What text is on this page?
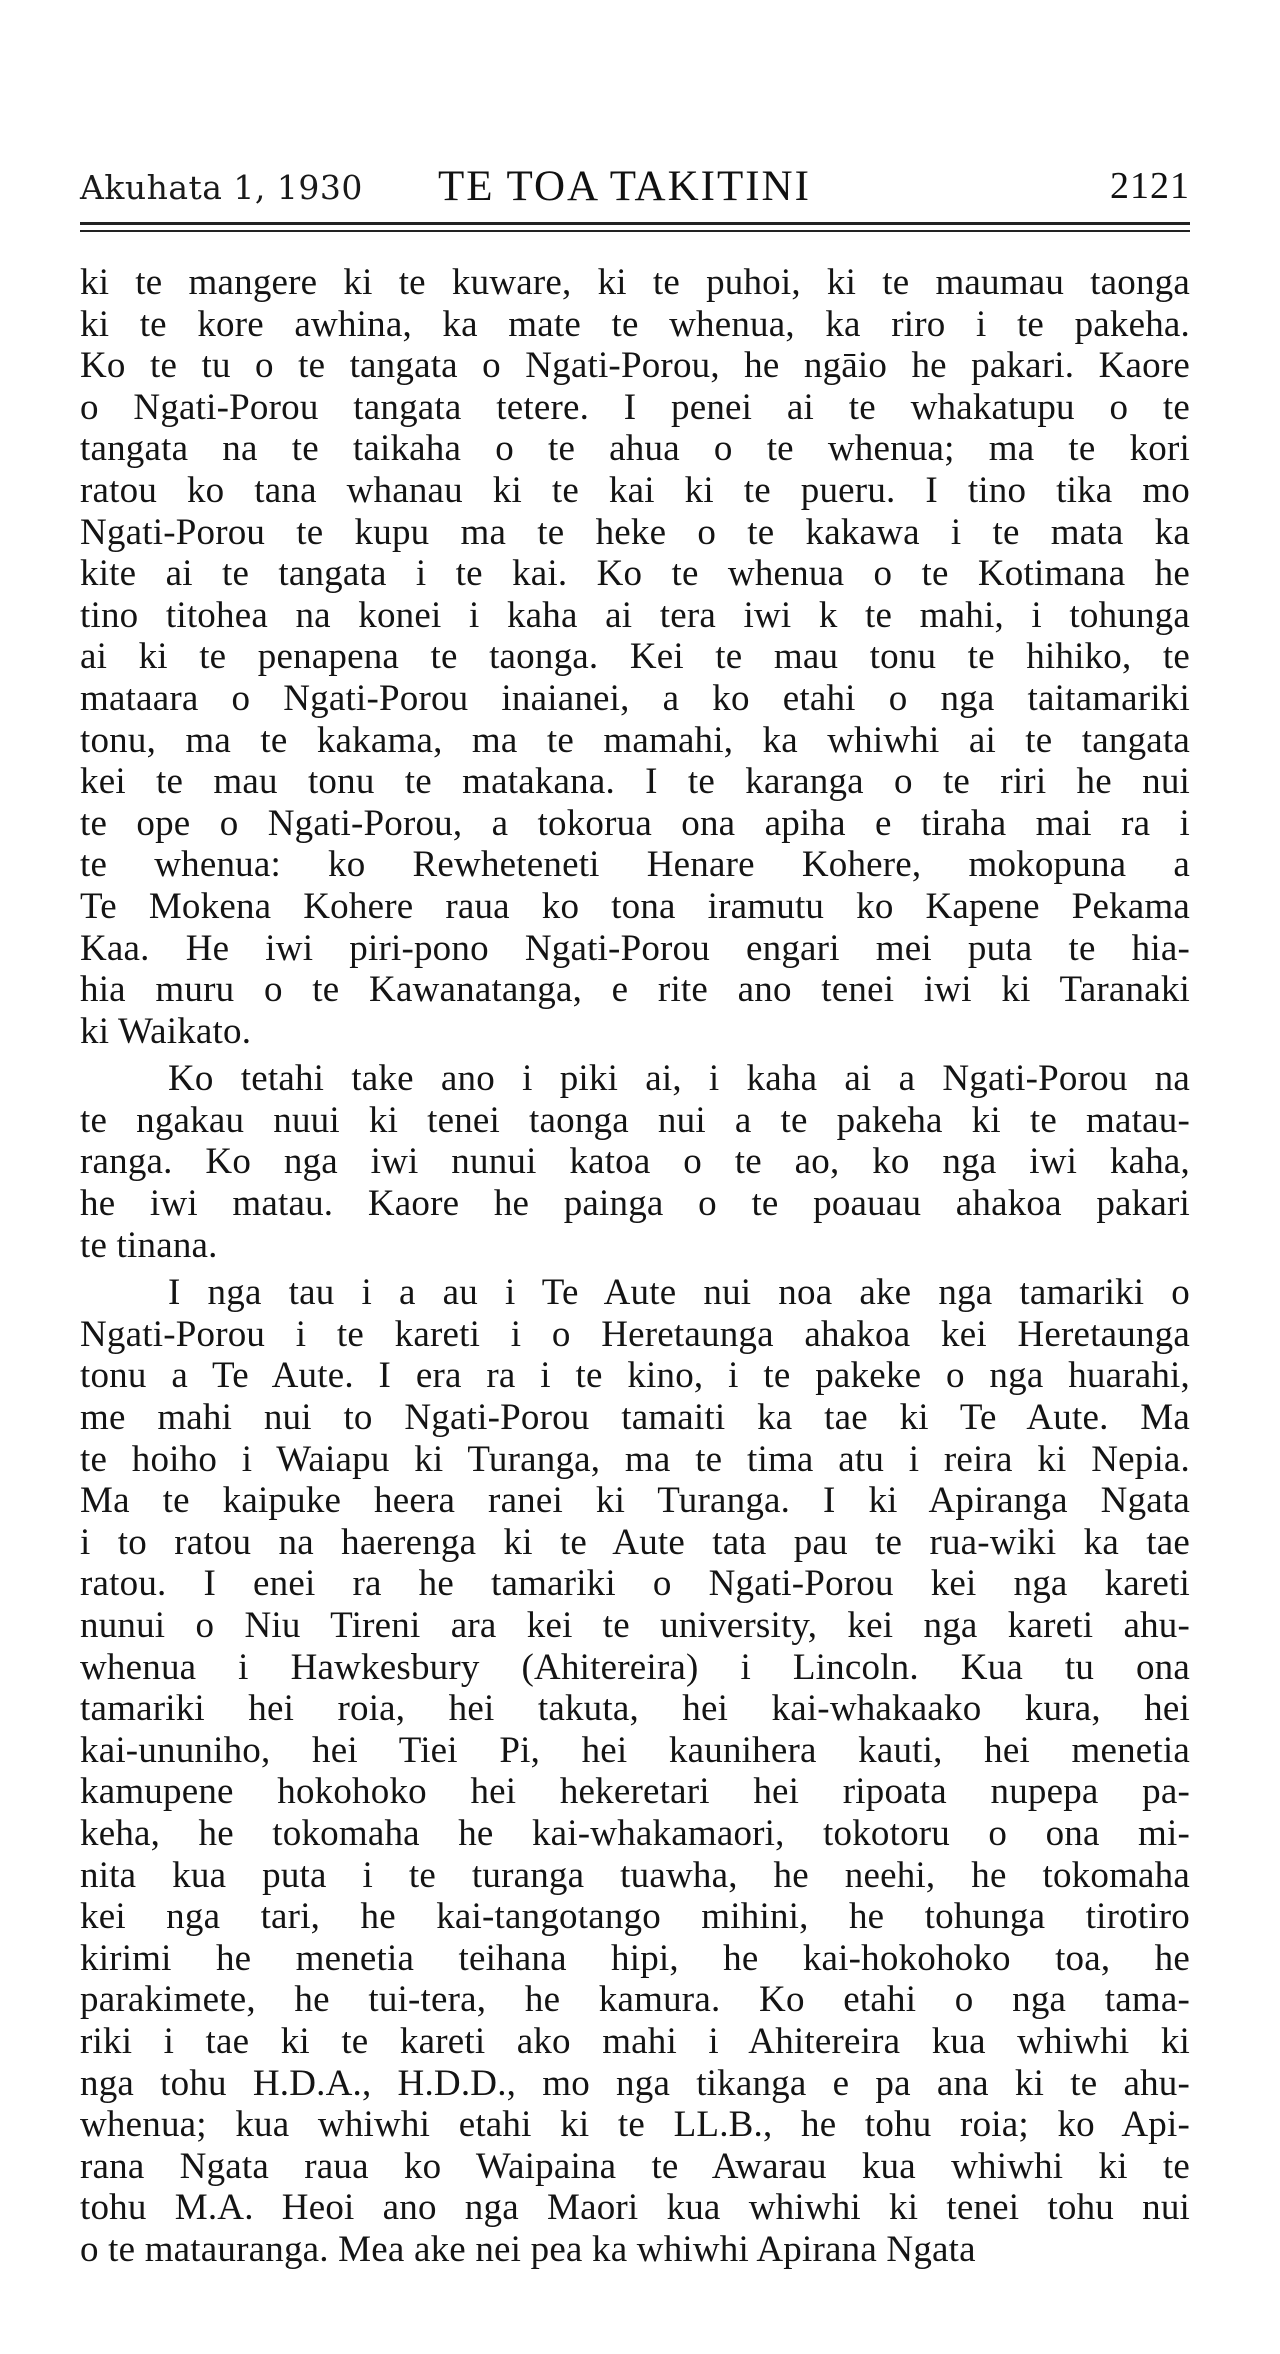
Akuhata 1, 1930 TE TOA TAKITINI	2121
ki te mangere ki te kuware, ki te puhoi, ki te maumau taonga
ki te kore awhina, ka mate te whenua, ka riro i te pakeha.
Ko te tu o te tangata o Ngati-Porou, he ngāio he pakari. Kaore
o Ngati-Porou tangata tetere. I penei ai te whakatupu o te
tangata na te taikaha o te ahua o te whenua; ma te kori
ratou ko tana whanau ki te kai ki te pueru. I tino tika mo
Ngati-Porou te kupu ma te heke o te kakawa i te mata ka
kite ai te tangata i te kai. Ko te whenua o te Kotimana he
tino titohea na konei i kaha ai tera iwi k te mahi, i tohunga
ai ki te penapena te taonga. Kei te mau tonu te hihiko, te
mataara o Ngati-Porou inaianei, a ko etahi o nga taitamariki
tonu, ma te kakama, ma te mamahi, ka whiwhi ai te tangata
kei te mau tonu te matakana. I te karanga o te riri he nui
te ope o Ngati-Porou, a tokorua ona apiha e tiraha mai ra i
te whenua: ko Rewheteneti Henare Kohere, mokopuna a
Te Mokena Kohere raua ko tona iramutu ko Kapene Pekama
Kaa. He iwi piri-pono Ngati-Porou engari mei puta te hia-
hia muru o te Kawanatanga, e rite ano tenei iwi ki Taranaki
ki Waikato.
Ko tetahi take ano i piki ai, i kaha ai a Ngati-Porou na
te ngakau nuui ki tenei taonga nui a te pakeha ki te matau-
ranga. Ko nga iwi nunui katoa o te ao, ko nga iwi kaha,
he iwi matau. Kaore he painga o te poauau ahakoa pakari
te tinana.
I nga tau i a au i Te Aute nui noa ake nga tamariki o
Ngati-Porou i te kareti i o Heretaunga ahakoa kei Heretaunga
tonu a Te Aute. I era ra i te kino, i te pakeke o nga huarahi,
me mahi nui to Ngati-Porou tamaiti ka tae ki Te Aute. Ma
te hoiho i Waiapu ki Turanga, ma te tima atu i reira ki Nepia.
Ma te kaipuke heera ranei ki Turanga. I ki Apiranga Ngata
i to ratou na haerenga ki te Aute tata pau te rua-wiki ka tae
ratou. I enei ra he tamariki o Ngati-Porou kei nga kareti
nunui o Niu Tireni ara kei te university, kei nga kareti ahu-
whenua i Hawkesbury (Ahitereira) i Lincoln. Kua tu ona
tamariki hei roia, hei takuta, hei kai-whakaako kura, hei
kai-ununiho, hei Tiei Pi, hei kaunihera kauti, hei menetia
kamupene hokohoko hei hekeretari hei ripoata nupepa pa-
keha, he tokomaha he kai-whakamaori, tokotoru o ona mi-
nita kua puta i te turanga tuawha, he neehi, he tokomaha
kei nga tari, he kai-tangotango mihini, he tohunga tirotiro
kirimi he menetia teihana hipi, he kai-hokohoko toa, he
parakimete, he tui-tera, he kamura. Ko etahi o nga tama-
riki i tae ki te kareti ako mahi i Ahitereira kua whiwhi ki
nga tohu H.D.A., H.D.D., mo nga tikanga e pa ana ki te ahu-
whenua; kua whiwhi etahi ki te LL.B., he tohu roia; ko Api-
rana Ngata raua ko Waipaina te Awarau kua whiwhi ki te
tohu M.A. Heoi ano nga Maori kua whiwhi ki tenei tohu nui
o te matauranga. Mea ake nei pea ka whiwhi Apirana Ngata
